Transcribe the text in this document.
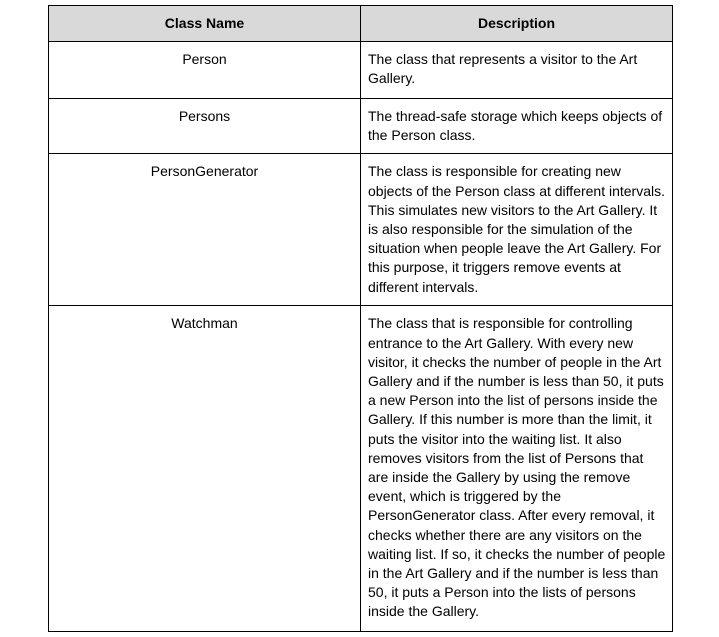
Class Name	Description
Person	The class that represents a visitor to the Art Gallery.
Persons	The thread-safe storage which keeps objects of the Person class.
PersonGenerator	The class is responsible for creating new objects of the Person class at different intervals. This simulates new visitors to the Art Gallery. It is also responsible for the simulation of the situation when people leave the Art Gallery. For this purpose, it triggers remove events at different intervals.
Watchman	The class that is responsible for controlling entrance to the Art Gallery. With every new visitor, it checks the number of people in the Art Gallery and if the number is less than 50, it puts a new Person into the list of persons inside the Gallery. If this number is more than the limit, it puts the visitor into the waiting list. It also removes visitors from the list of Persons that are inside the Gallery by using the remove event, which is triggered by the PersonGenerator class. After every removal, it checks whether there are any visitors on the waiting list. If so, it checks the number of people in the Art Gallery and if the number is less than 50, it puts a Person into the lists of persons inside the Gallery.
